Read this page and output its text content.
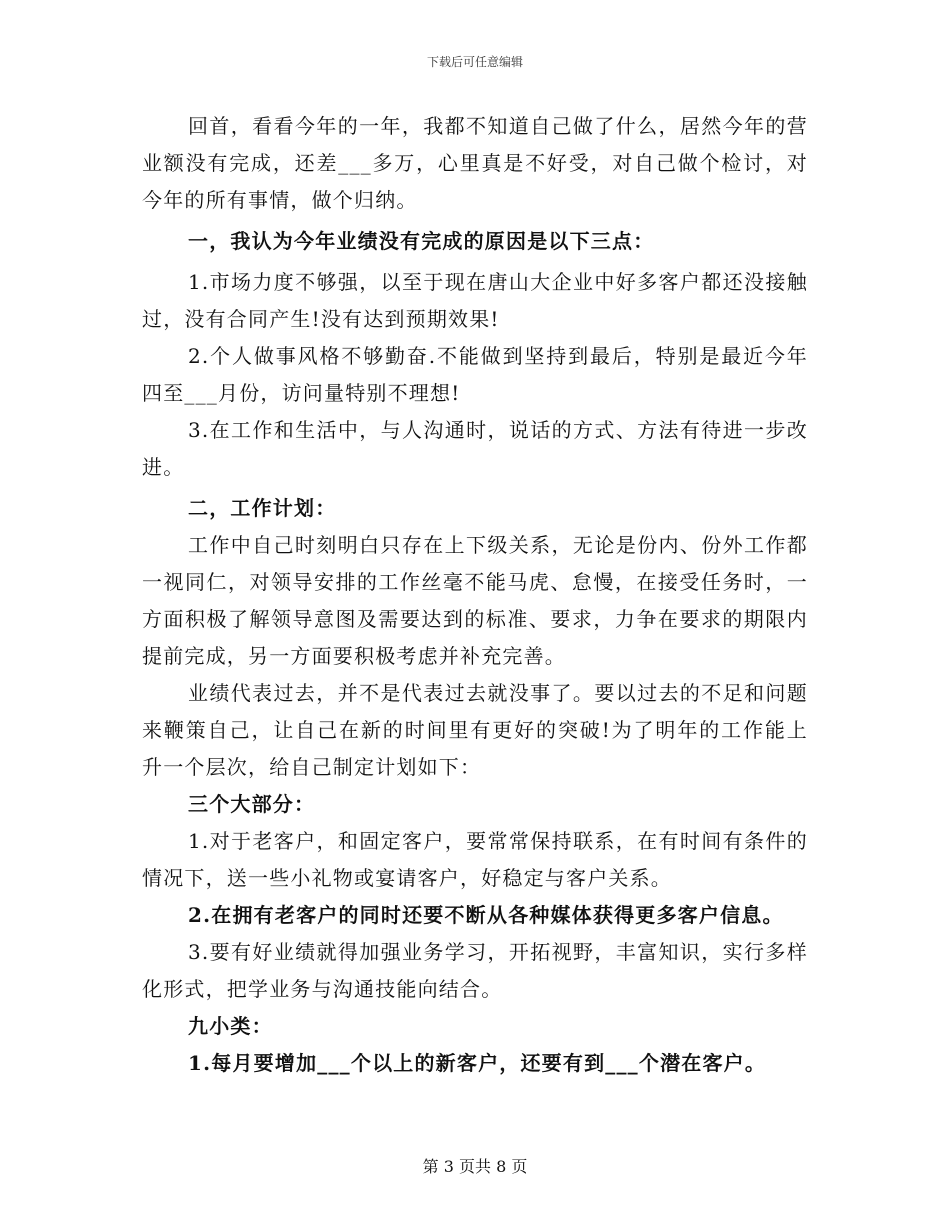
下载后可任意编辑

回首，看看今年的一年，我都不知道自己做了什么，居然今年的营业额没有完成，还差___多万，心里真是不好受，对自己做个检讨，对今年的所有事情，做个归纳。

一，我认为今年业绩没有完成的原因是以下三点：

1.市场力度不够强，以至于现在唐山大企业中好多客户都还没接触过，没有合同产生!没有达到预期效果!

2.个人做事风格不够勤奋.不能做到坚持到最后，特别是最近今年四至___月份，访问量特别不理想!

3.在工作和生活中，与人沟通时，说话的方式、方法有待进一步改进。

二，工作计划：

工作中自己时刻明白只存在上下级关系，无论是份内、份外工作都一视同仁，对领导安排的工作丝毫不能马虎、怠慢，在接受任务时，一方面积极了解领导意图及需要达到的标准、要求，力争在要求的期限内提前完成，另一方面要积极考虑并补充完善。

业绩代表过去，并不是代表过去就没事了。要以过去的不足和问题来鞭策自己，让自己在新的时间里有更好的突破!为了明年的工作能上升一个层次，给自己制定计划如下：

三个大部分：

1.对于老客户，和固定客户，要常常保持联系，在有时间有条件的情况下，送一些小礼物或宴请客户，好稳定与客户关系。

2.在拥有老客户的同时还要不断从各种媒体获得更多客户信息。

3.要有好业绩就得加强业务学习，开拓视野，丰富知识，实行多样化形式，把学业务与沟通技能向结合。

九小类：

1.每月要增加___个以上的新客户，还要有到___个潜在客户。

第 3 页共 8 页
